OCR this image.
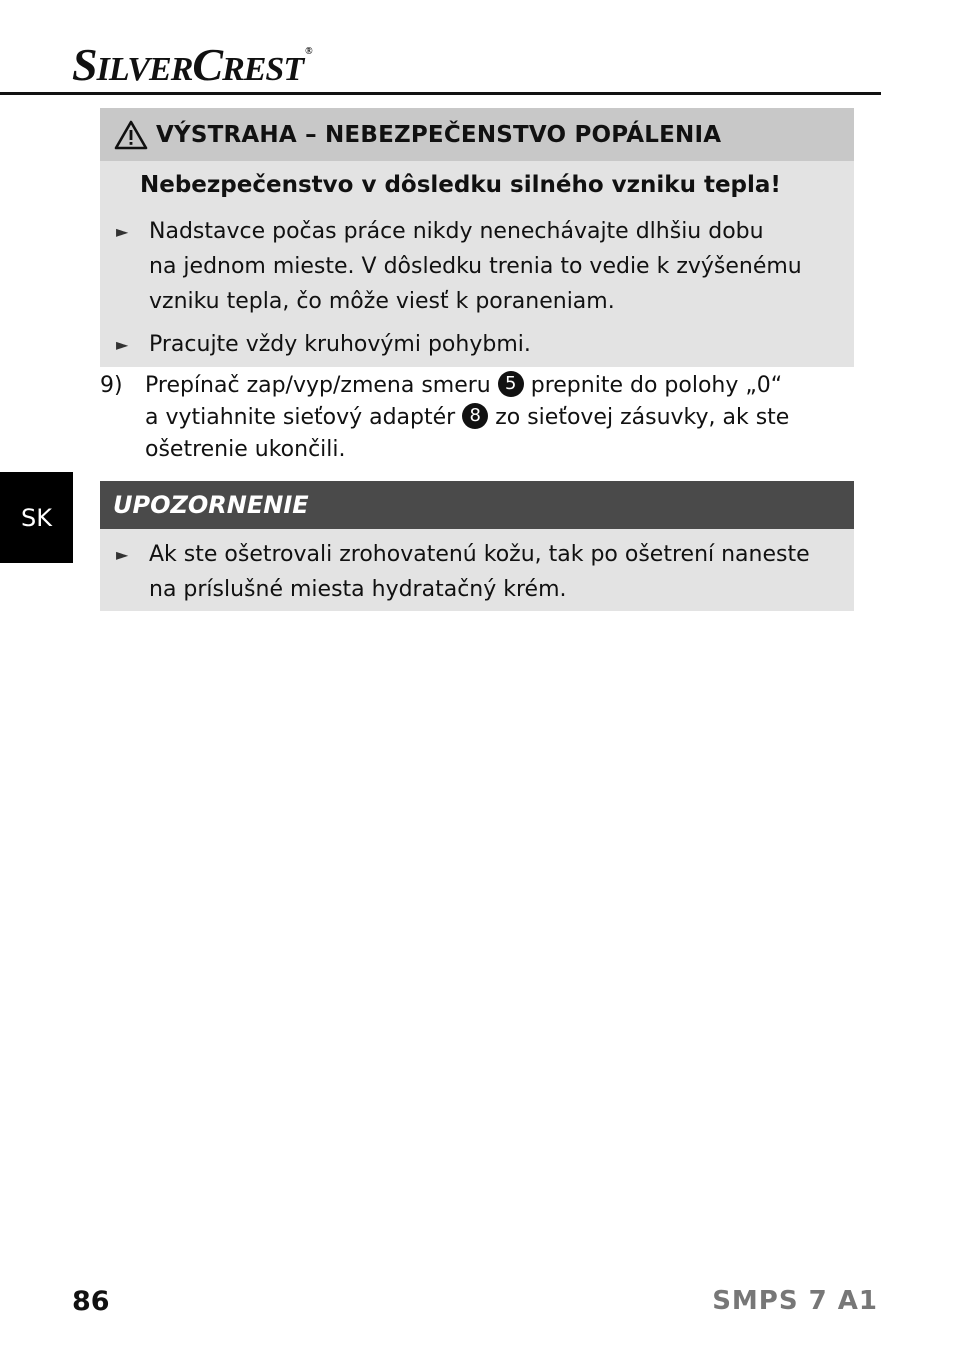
SILVERCREST ®
VÝSTRAHA – NEBEZPEČENSTVO POPÁLENIA
Nebezpečenstvo v dôsledku silného vzniku tepla!
► Nadstavce počas práce nikdy nenechávajte dlhšiu dobu
na jednom mieste. V dôsledku trenia to vedie k zvýšenému
vzniku tepla, čo môže viesť k poraneniam.
► Pracujte vždy kruhovými pohybmi.
9) Prepínač zap/vyp/zmena smeru 5 prepnite do polohy „0“
a vytiahnite sieťový adaptér 8 zo sieťovej zásuvky, ak ste
ošetrenie ukončili.
UPOZORNENIE
► Ak ste ošetrovali zrohovatenú kožu, tak po ošetrení naneste
na príslušné miesta hydratačný krém.
SK
86	SMPS 7 A1
